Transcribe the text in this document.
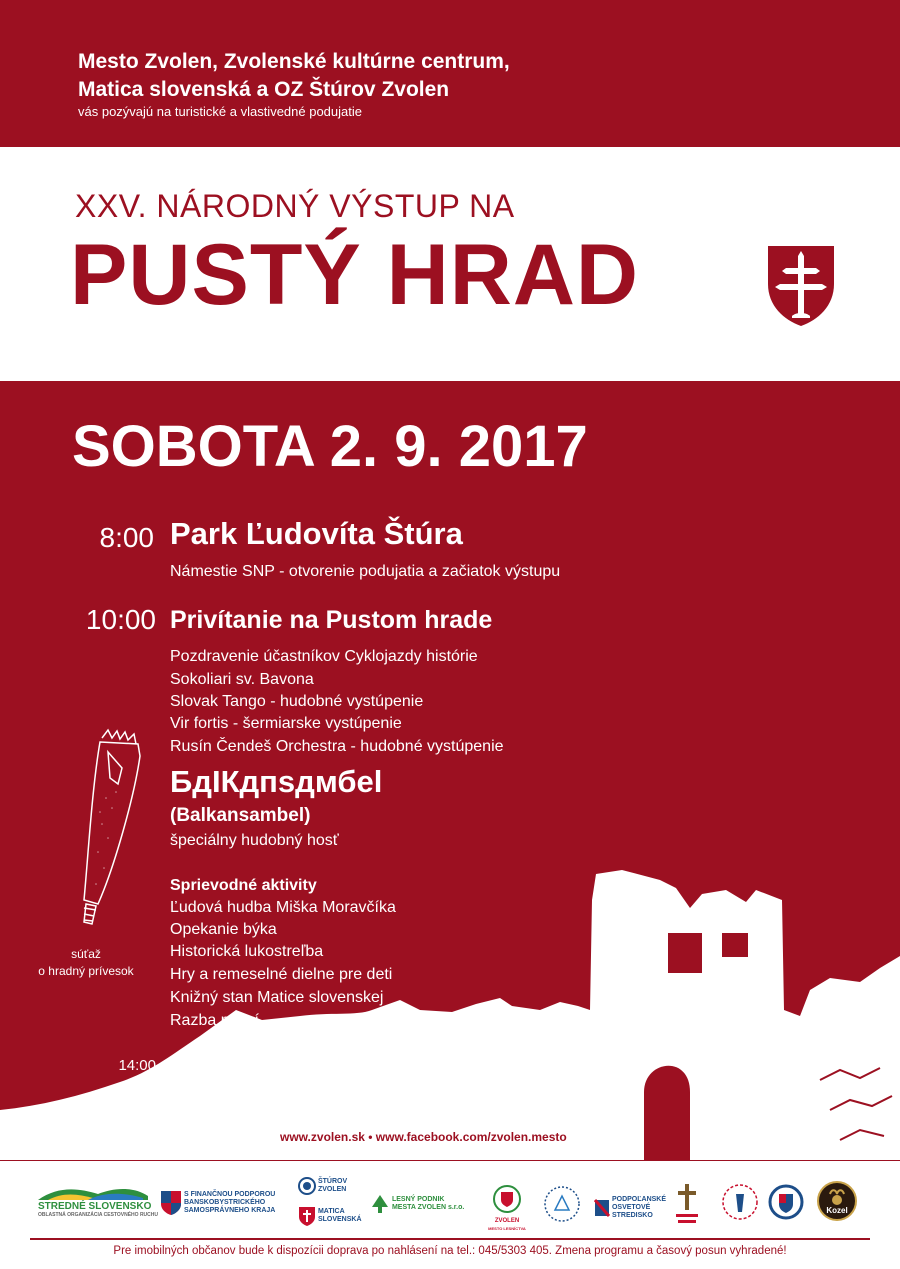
Mesto Zvolen, Zvolenské kultúrne centrum,
Matica slovenská a OZ Štúrov Zvolen
vás pozývajú na turistické a vlastivedné podujatie
XXV. NÁRODNÝ VÝSTUP NA
PUSTÝ HRAD
SOBOTA 2. 9. 2017
8:00 Park Ľudovíta Štúra
Námestie SNP - otvorenie podujatia a začiatok výstupu
10:00 Privítanie na Pustom hrade
Pozdravenie účastníkov Cyklojazdy histórie
Sokoliari sv. Bavona
Slovak Tango - hudobné vystúpenie
Vir fortis - šermiarske vystúpenie
Rusín Čendeš Orchestra - hudobné vystúpenie
БдIКдпsдмбеl
(Balkansambel)
špeciálny hudobný hosť
Sprievodné aktivity
Ľudová hudba Miška Moravčíka
Opekanie býka
Historická lukostreľba
Hry a remeselné dielne pre deti
Knižný stan Matice slovenskej
Razba mincí
14:00 Záver podujatia
súťaž
o hradný prívesok
www.zvolen.sk • www.facebook.com/zvolen.mesto
STREDNÉ SLOVENSKO
OBLASTNÁ ORGANIZÁCIA CESTOVNÉHO RUCHU

S FINANČNOU PODPOROU
BANSKOBYSTRICKÉHO
SAMOSPRÁVNEHO KRAJA

ŠTÚROV
ZVOLEN

MATICA
SLOVENSKÁ

LESNÝ PODNIK
MESTA ZVOLEN s.r.o.
ZVOLEN
MESTO LESNÍCTVA

PODPOĽANSKÉ
OSVETOVÉ
STREDISKO
Kozel
Pre imobilných občanov bude k dispozícii doprava po nahlásení na tel.: 045/5303 405. Zmena programu a časový posun vyhradené!
